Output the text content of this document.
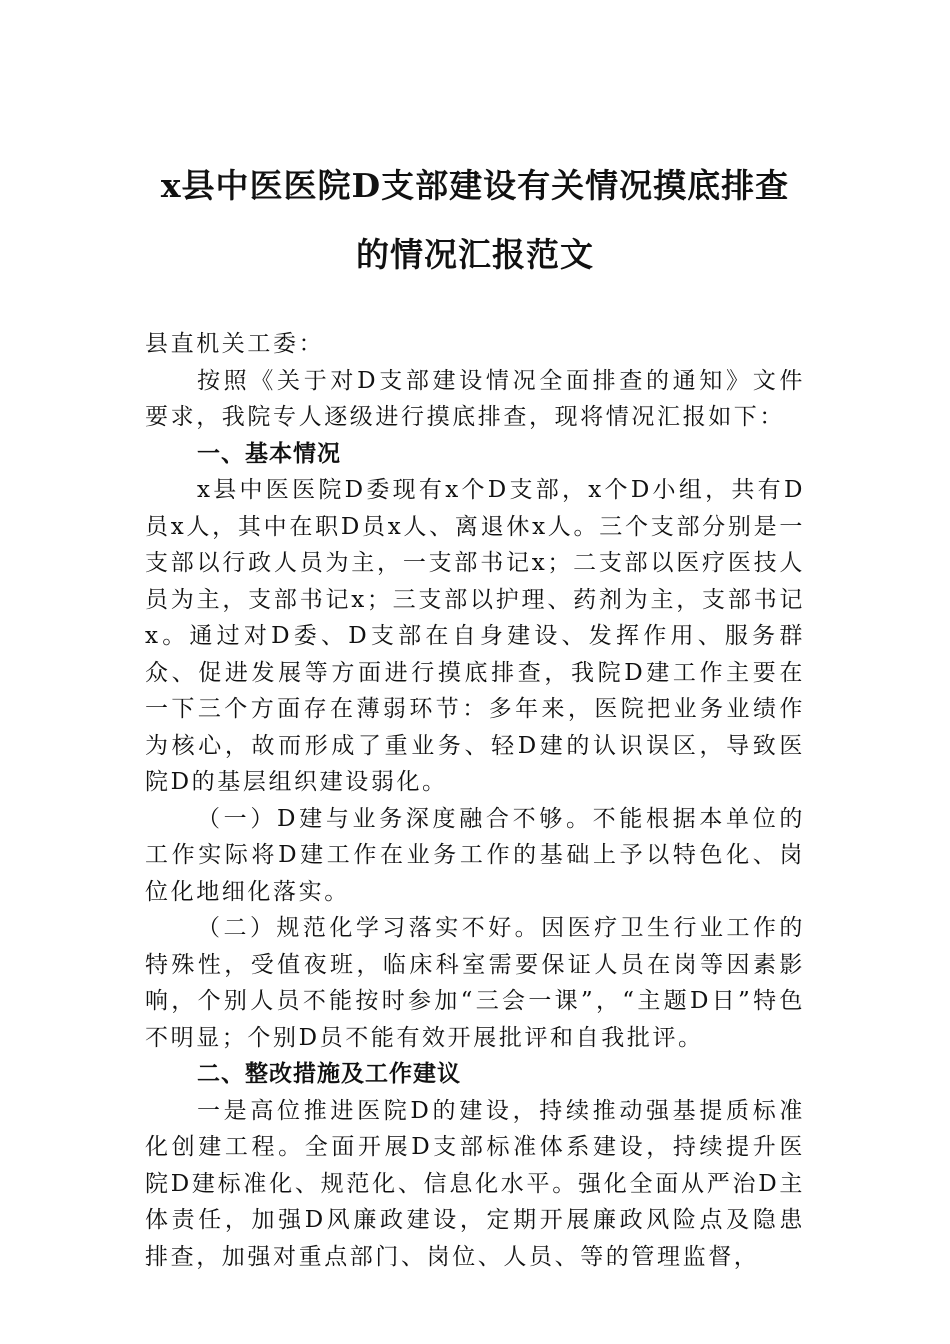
x县中医医院D支部建设有关情况摸底排查
的情况汇报范文

县直机关工委：

按照《关于对D支部建设情况全面排查的通知》文件要求，我院专人逐级进行摸底排查，现将情况汇报如下：

一、基本情况

x县中医医院D委现有x个D支部，x个D小组，共有D员x人，其中在职D员x人、离退休x人。三个支部分别是一支部以行政人员为主，一支部书记x；二支部以医疗医技人员为主，支部书记x；三支部以护理、药剂为主，支部书记x。通过对D委、D支部在自身建设、发挥作用、服务群众、促进发展等方面进行摸底排查，我院D建工作主要在一下三个方面存在薄弱环节：多年来，医院把业务业绩作为核心，故而形成了重业务、轻D建的认识误区，导致医院D的基层组织建设弱化。

（一）D建与业务深度融合不够。不能根据本单位的工作实际将D建工作在业务工作的基础上予以特色化、岗位化地细化落实。

（二）规范化学习落实不好。因医疗卫生行业工作的特殊性，受值夜班，临床科室需要保证人员在岗等因素影响，个别人员不能按时参加“三会一课”，“主题D日”特色不明显；个别D员不能有效开展批评和自我批评。

二、整改措施及工作建议

一是高位推进医院D的建设，持续推动强基提质标准化创建工程。全面开展D支部标准体系建设，持续提升医院D建标准化、规范化、信息化水平。强化全面从严治D主体责任，加强D风廉政建设，定期开展廉政风险点及隐患排查，加强对重点部门、岗位、人员、等的管理监督，
